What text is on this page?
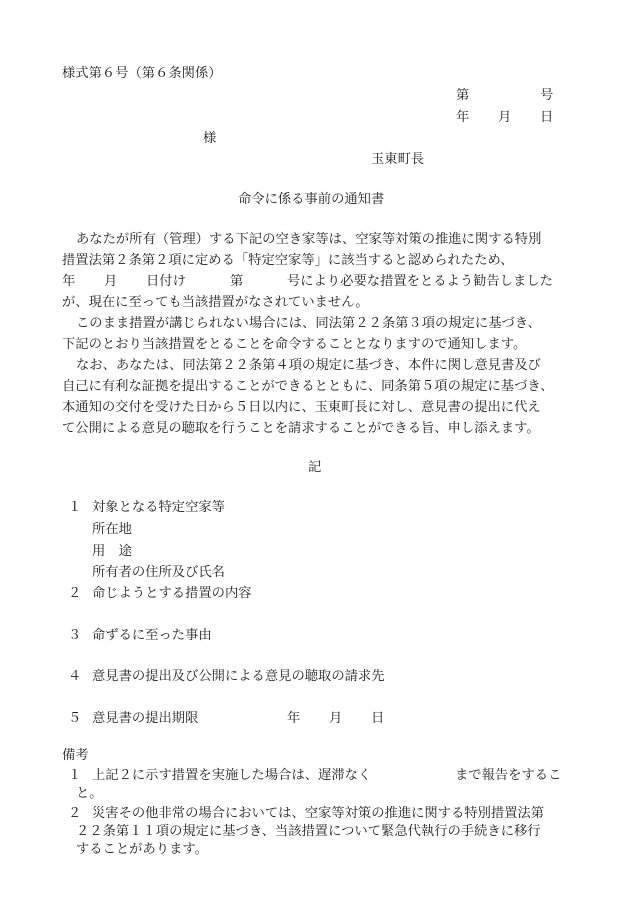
様式第６号（第６条関係）

第	号

年 月 日

様

玉東町長

命令に係る事前の通知書

あなたが所有（管理）する下記の空き家等は、空家等対策の推進に関する特別

措置法第２条第２項に定める「特定空家等」に該当すると認められたため、

年 月 日付け	第	号により必要な措置をとるよう勧告しました

が、現在に至っても当該措置がなされていません。

このまま措置が講じられない場合には、同法第２２条第３項の規定に基づき、

下記のとおり当該措置をとることを命令することとなりますので通知します。

なお、あなたは、同法第２２条第４項の規定に基づき、本件に関し意見書及び

自己に有利な証拠を提出することができるとともに、同条第５項の規定に基づき、

本通知の交付を受けた日から５日以内に、玉東町長に対し、意見書の提出に代え

て公開による意見の聴取を行うことを請求することができる旨、申し添えます。

記

１ 対象となる特定空家等

所在地

用　途

所有者の住所及び氏名

２ 命じようとする措置の内容

３ 命ずるに至った事由

４ 意見書の提出及び公開による意見の聴取の請求先

５ 意見書の提出期限	年 月 日

備考

１ 上記２に示す措置を実施した場合は、遅滞なく	まで報告をするこ

と。

２ 災害その他非常の場合においては、空家等対策の推進に関する特別措置法第

２２条第１１項の規定に基づき、当該措置について緊急代執行の手続きに移行

することがあります。
